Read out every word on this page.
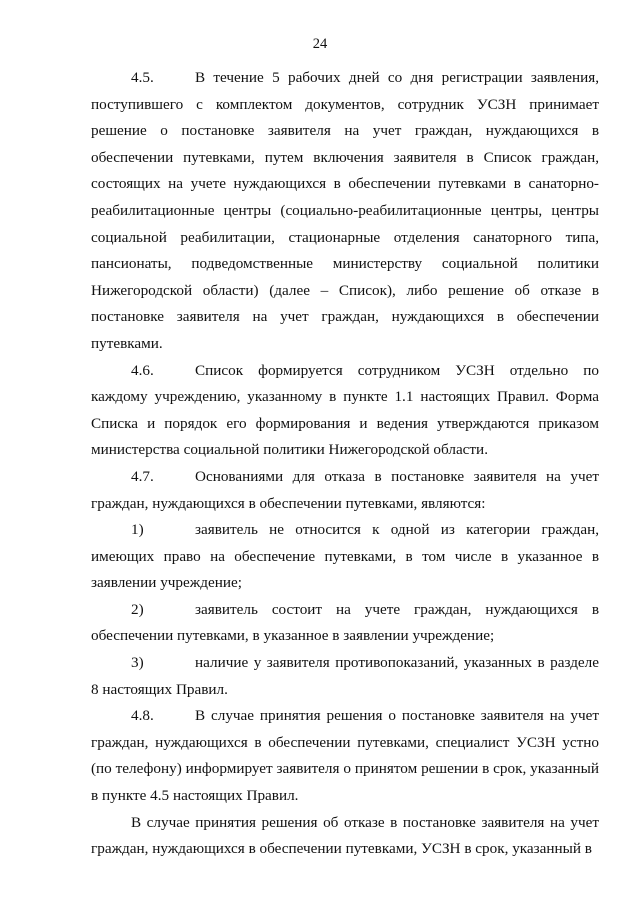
24

4.5.	В течение 5 рабочих дней со дня регистрации заявления, поступившего с комплектом документов, сотрудник УСЗН принимает решение о постановке заявителя на учет граждан, нуждающихся в обеспечении путевками, путем включения заявителя в Список граждан, состоящих на учете нуждающихся в обеспечении путевками в санаторно-реабилитационные центры (социально-реабилитационные центры, центры социальной реабилитации, стационарные отделения санаторного типа, пансионаты, подведомственные министерству социальной политики Нижегородской области) (далее – Список), либо решение об отказе в постановке заявителя на учет граждан, нуждающихся в обеспечении путевками.

4.6.	Список формируется сотрудником УСЗН отдельно по каждому учреждению, указанному в пункте 1.1 настоящих Правил. Форма Списка и порядок его формирования и ведения утверждаются приказом министерства социальной политики Нижегородской области.

4.7.	Основаниями для отказа в постановке заявителя на учет граждан, нуждающихся в обеспечении путевками, являются:

1)	заявитель не относится к одной из категории граждан, имеющих право на обеспечение путевками, в том числе в указанное в заявлении учреждение;

2)	заявитель состоит на учете граждан, нуждающихся в обеспечении путевками, в указанное в заявлении учреждение;

3)	наличие у заявителя противопоказаний, указанных в разделе 8 настоящих Правил.

4.8.	В случае принятия решения о постановке заявителя на учет граждан, нуждающихся в обеспечении путевками, специалист УСЗН устно (по телефону) информирует заявителя о принятом решении в срок, указанный в пункте 4.5 настоящих Правил.

В случае принятия решения об отказе в постановке заявителя на учет граждан, нуждающихся в обеспечении путевками, УСЗН в срок, указанный в
